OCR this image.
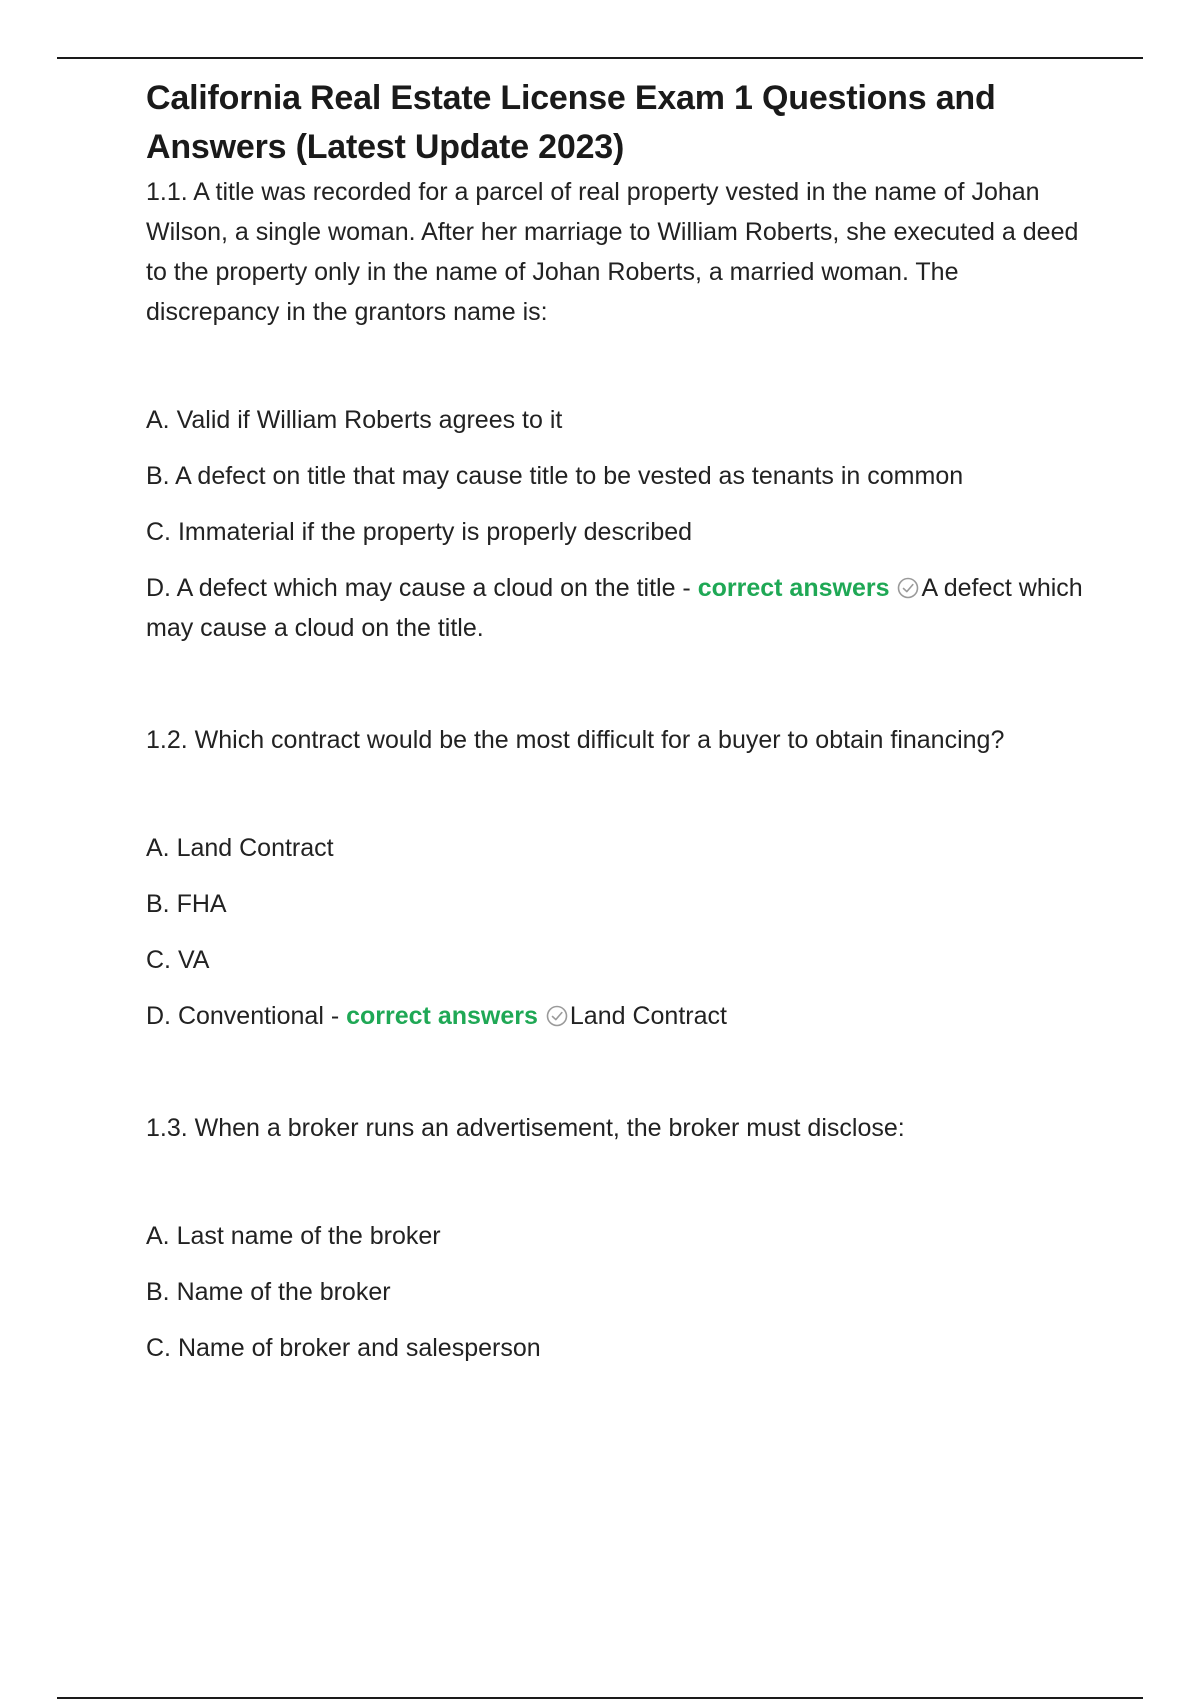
California Real Estate License Exam 1 Questions and Answers (Latest Update 2023)

1.1. A title was recorded for a parcel of real property vested in the name of Johan Wilson, a single woman. After her marriage to William Roberts, she executed a deed to the property only in the name of Johan Roberts, a married woman. The discrepancy in the grantors name is:

A. Valid if William Roberts agrees to it

B. A defect on title that may cause title to be vested as tenants in common

C. Immaterial if the property is properly described

D. A defect which may cause a cloud on the title - correct answers A defect which may cause a cloud on the title.

1.2. Which contract would be the most difficult for a buyer to obtain financing?

A. Land Contract

B. FHA

C. VA

D. Conventional - correct answers Land Contract

1.3. When a broker runs an advertisement, the broker must disclose:

A. Last name of the broker

B. Name of the broker

C. Name of broker and salesperson
